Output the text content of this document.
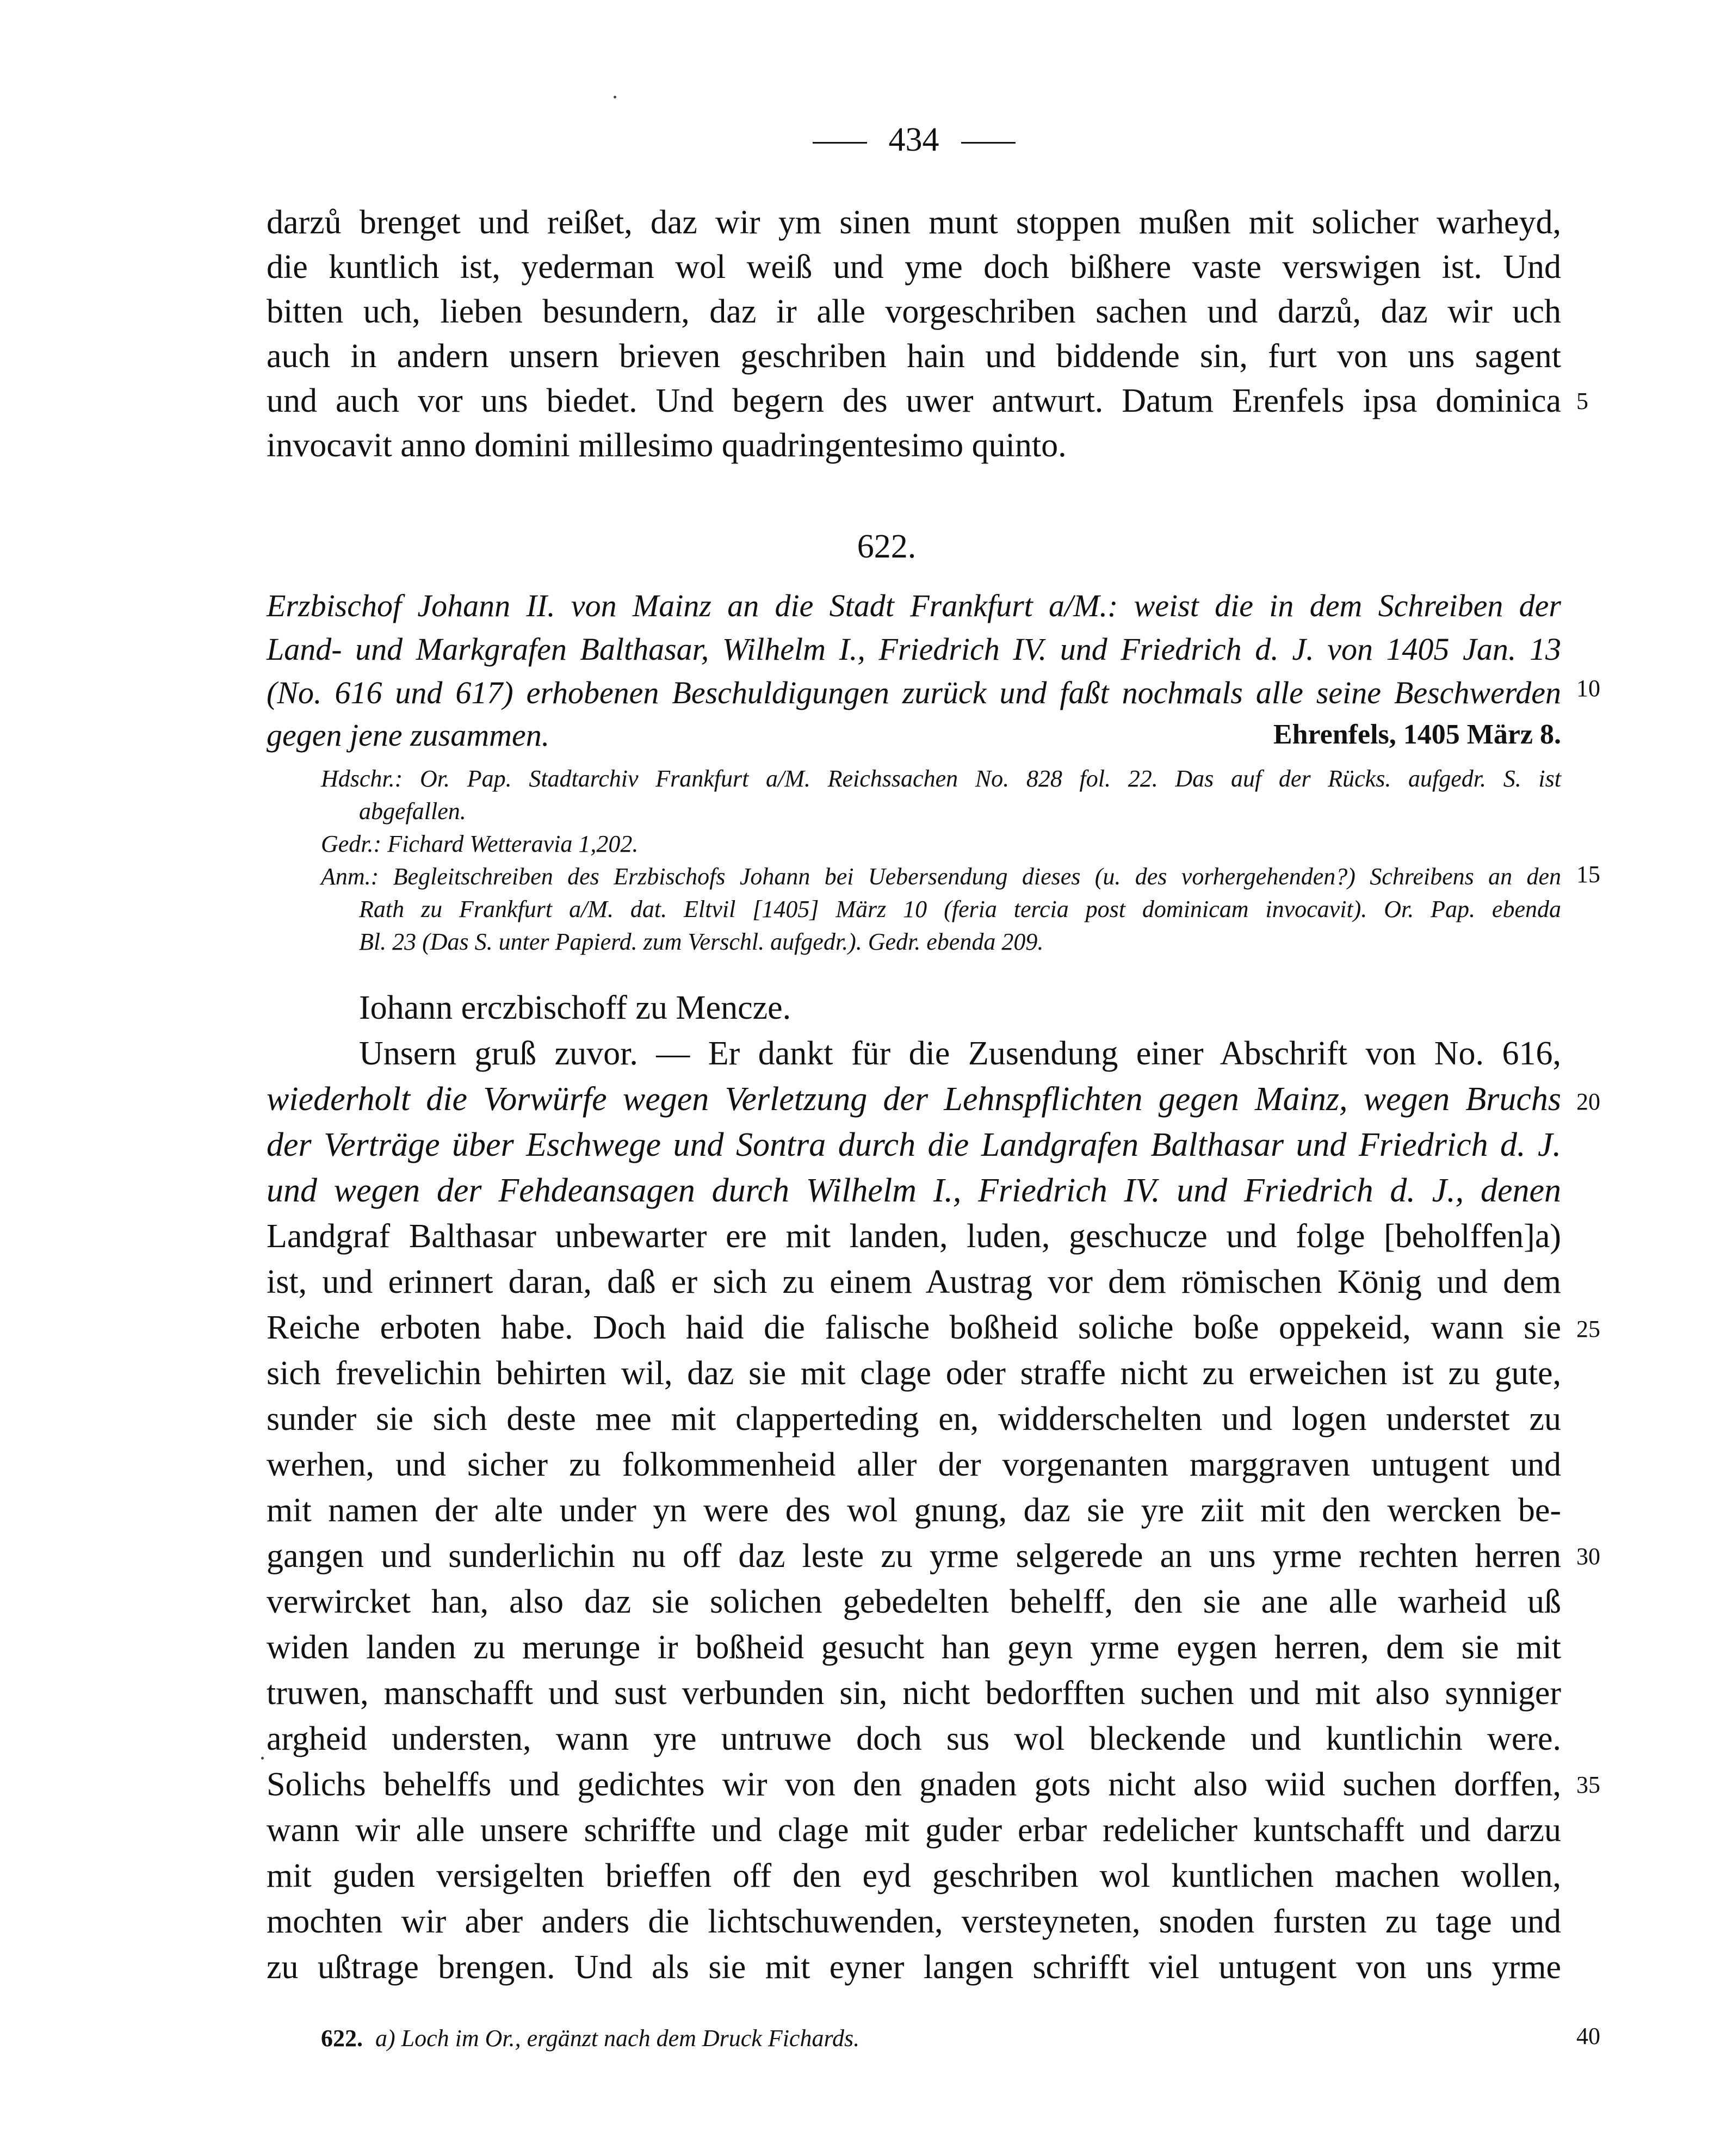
434
darzů brenget und reißet, daz wir ym sinen munt stoppen mußen mit solicher warheyd,
die kuntlich ist, yederman wol weiß und yme doch bißhere vaste verswigen ist. Und
bitten uch, lieben besundern, daz ir alle vorgeschriben sachen und darzů, daz wir uch
auch in andern unsern brieven geschriben hain und biddende sin, furt von uns sagent
und auch vor uns biedet. Und begern des uwer antwurt. Datum Erenfels ipsa dominica
invocavit anno domini millesimo quadringentesimo quinto.
622.
Erzbischof Johann II. von Mainz an die Stadt Frankfurt a/M.: weist die in dem Schreiben der
Land- und Markgrafen Balthasar, Wilhelm I., Friedrich IV. und Friedrich d. J. von 1405 Jan. 13
(No. 616 und 617) erhobenen Beschuldigungen zurück und faßt nochmals alle seine Beschwerden
gegen jene zusammen.	Ehrenfels, 1405 März 8.
Hdschr.: Or. Pap. Stadtarchiv Frankfurt a/M. Reichssachen No. 828 fol. 22. Das auf der Rücks. aufgedr. S. ist
abgefallen.
Gedr.: Fichard Wetteravia 1,202.
Anm.: Begleitschreiben des Erzbischofs Johann bei Uebersendung dieses (u. des vorhergehenden?) Schreibens an den
Rath zu Frankfurt a/M. dat. Eltvil [1405] März 10 (feria tercia post dominicam invocavit). Or. Pap. ebenda
Bl. 23 (Das S. unter Papierd. zum Verschl. aufgedr.). Gedr. ebenda 209.
Iohann erczbischoff zu Mencze.
Unsern gruß zuvor. — Er dankt für die Zusendung einer Abschrift von No. 616,
wiederholt die Vorwürfe wegen Verletzung der Lehnspflichten gegen Mainz, wegen Bruchs
der Verträge über Eschwege und Sontra durch die Landgrafen Balthasar und Friedrich d. J.
und wegen der Fehdeansagen durch Wilhelm I., Friedrich IV. und Friedrich d. J., denen
Landgraf Balthasar unbewarter ere mit landen, luden, geschucze und folge [beholffen]a)
ist, und erinnert daran, daß er sich zu einem Austrag vor dem römischen König und dem
Reiche erboten habe. Doch haid die falische boßheid soliche boße oppekeid, wann sie
sich frevelichin behirten wil, daz sie mit clage oder straffe nicht zu erweichen ist zu gute,
sunder sie sich deste mee mit clapperteding en, widderschelten und logen understet zu
werhen, und sicher zu folkommenheid aller der vorgenanten marggraven untugent und
mit namen der alte under yn were des wol gnung, daz sie yre ziit mit den wercken be-
gangen und sunderlichin nu off daz leste zu yrme selgerede an uns yrme rechten herren
verwircket han, also daz sie solichen gebedelten behelff, den sie ane alle warheid uß
widen landen zu merunge ir boßheid gesucht han geyn yrme eygen herren, dem sie mit
truwen, manschafft und sust verbunden sin, nicht bedorfften suchen und mit also synniger
argheid understen, wann yre untruwe doch sus wol bleckende und kuntlichin were.
Solichs behelffs und gedichtes wir von den gnaden gots nicht also wiid suchen dorffen,
wann wir alle unsere schriffte und clage mit guder erbar redelicher kuntschafft und darzu
mit guden versigelten brieffen off den eyd geschriben wol kuntlichen machen wollen,
mochten wir aber anders die lichtschuwenden, versteyneten, snoden fursten zu tage und
zu ußtrage brengen. Und als sie mit eyner langen schrifft viel untugent von uns yrme
622. a) Loch im Or., ergänzt nach dem Druck Fichards.
5
10
15
20
25
30
35
40
